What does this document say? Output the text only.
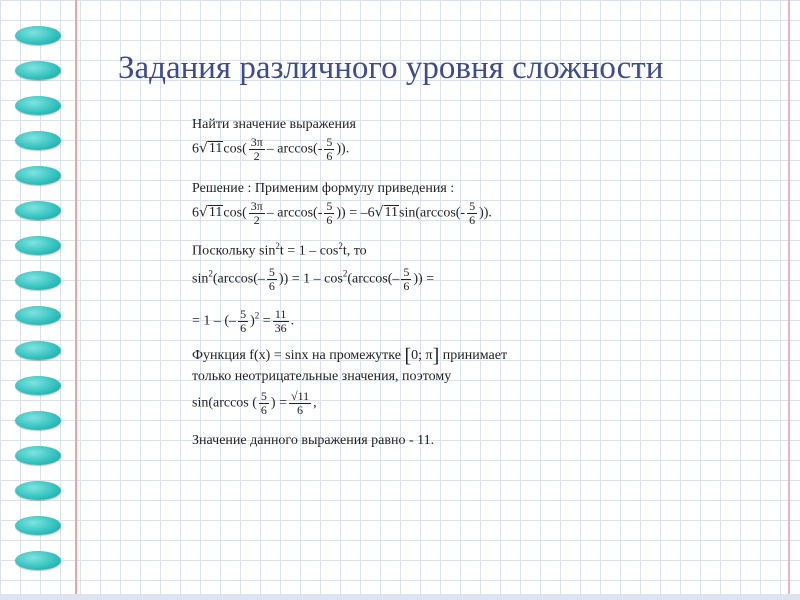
Задания различного уровня сложности
Найти значение выражения
$6√11\cos( \frac{3\pi}{2} - \arccos(- \frac{5}{6}$ )).
Решение : Применим формулу приведения :
$6√11\cos( \frac{3\pi}{2} - \arccos(- \frac{5}{6}$ )) = $-6√11\sin(\arccos(- \frac{5}{6}$ )).
Поскольку $\sin^2t = 1 - \cos^2t$, то
$\sin^2(\arccos(- \frac{5}{6}$ )) = $1 - \cos^2(\arccos(- \frac{5}{6}$ )) =
= 1 – (– $\frac{5}{6} )^2 = \frac{11}{36}$ .
Функция f(x) = sinx на промежутке [0; π] принимает
только неотрицательные значения, поэтому
sin(arccos ( $\frac{5}{6}$ ) = $\frac{√11}{6}$ ,
Значение данного выражения равно - 11.
